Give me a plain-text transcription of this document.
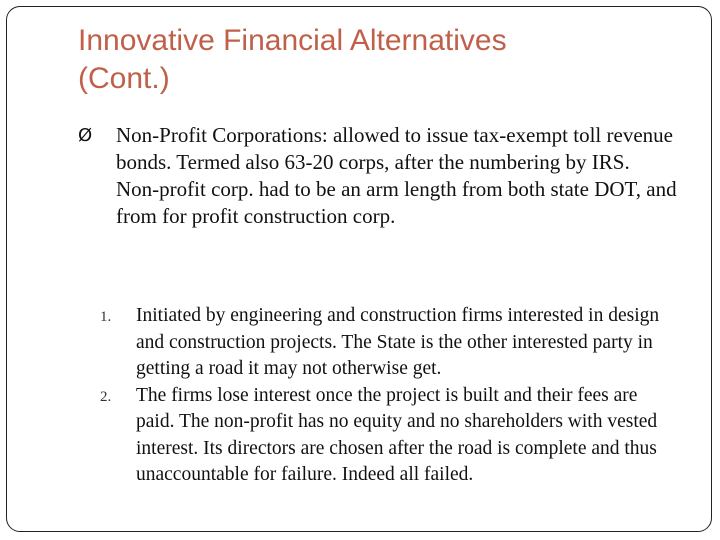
Innovative Financial Alternatives
(Cont.)
Ø	Non-Profit Corporations: allowed to issue tax-exempt toll revenue bonds. Termed also 63-20 corps, after the numbering by IRS. Non-profit corp. had to be an arm length from both state DOT, and from for profit construction corp.
1. Initiated by engineering and construction firms interested in design and construction projects. The State is the other interested party in getting a road it may not otherwise get.
2. The firms lose interest once the project is built and their fees are paid. The non-profit has no equity and no shareholders with vested interest. Its directors are chosen after the road is complete and thus unaccountable for failure. Indeed all failed.
